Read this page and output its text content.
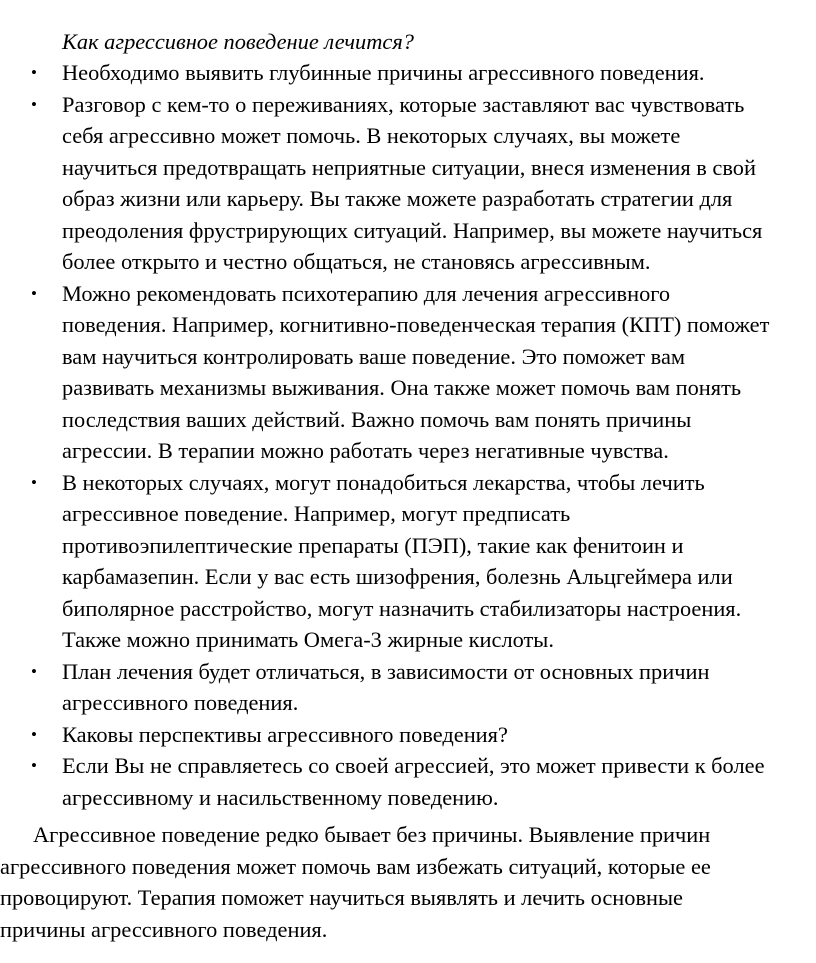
Как агрессивное поведение лечится?
• Необходимо выявить глубинные причины агрессивного поведения.
• Разговор с кем-то о переживаниях, которые заставляют вас чувствовать
себя агрессивно может помочь. В некоторых случаях, вы можете
научиться предотвращать неприятные ситуации, внеся изменения в свой
образ жизни или карьеру. Вы также можете разработать стратегии для
преодоления фрустрирующих ситуаций. Например, вы можете научиться
более открыто и честно общаться, не становясь агрессивным.
• Можно рекомендовать психотерапию для лечения агрессивного
поведения. Например, когнитивно-поведенческая терапия (КПТ) поможет
вам научиться контролировать ваше поведение. Это поможет вам
развивать механизмы выживания. Она также может помочь вам понять
последствия ваших действий. Важно помочь вам понять причины
агрессии. В терапии можно работать через негативные чувства.
• В некоторых случаях, могут понадобиться лекарства, чтобы лечить
агрессивное поведение. Например, могут предписать
противоэпилептические препараты (ПЭП), такие как фенитоин и
карбамазепин. Если у вас есть шизофрения, болезнь Альцгеймера или
биполярное расстройство, могут назначить стабилизаторы настроения.
Также можно принимать Омега-3 жирные кислоты.
• План лечения будет отличаться, в зависимости от основных причин
агрессивного поведения.
• Каковы перспективы агрессивного поведения?
• Если Вы не справляетесь со своей агрессией, это может привести к более
агрессивному и насильственному поведению.

Агрессивное поведение редко бывает без причины. Выявление причин
агрессивного поведения может помочь вам избежать ситуаций, которые ее
провоцируют. Терапия поможет научиться выявлять и лечить основные
причины агрессивного поведения.
